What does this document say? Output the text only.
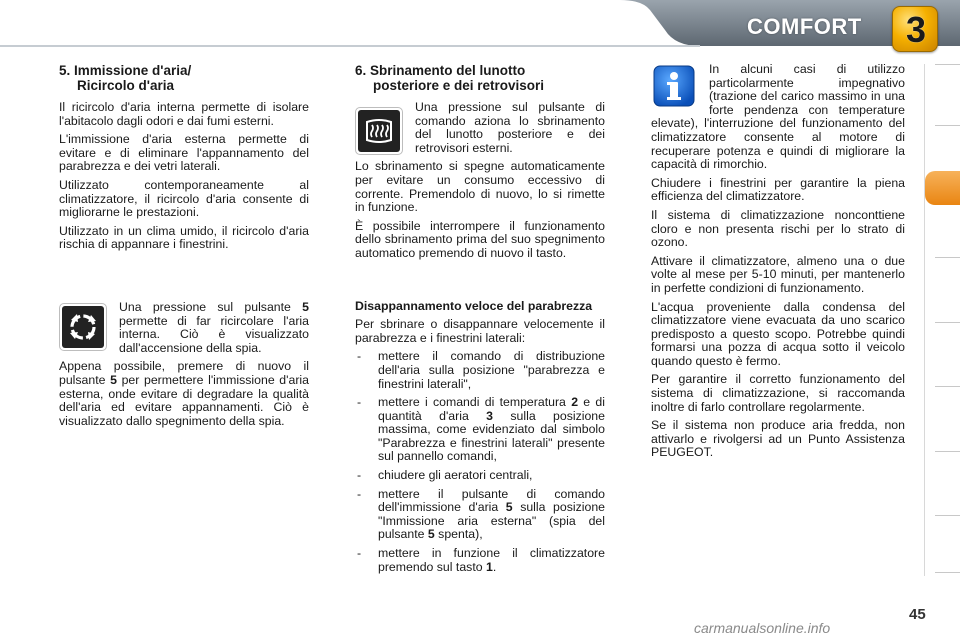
COMFORT	3
5. Immissione d'aria/
Ricircolo d'aria

Il ricircolo d'aria interna permette di isolare l'abitacolo dagli odori e dai fumi esterni.

L'immissione d'aria esterna permette di evitare e di eliminare l'appannamento del parabrezza e dei vetri laterali.

Utilizzato contemporaneamente al climatizzatore, il ricircolo d'aria consente di migliorarne le prestazioni.

Utilizzato in un clima umido, il ricircolo d'aria rischia di appannare i finestrini.

Una pressione sul pulsante 5 permette di far ricircolare l'aria interna. Ciò è visualizzato dall'accensione della spia.

Appena possibile, premere di nuovo il pulsante 5 per permettere l'immissione d'aria esterna, onde evitare di degradare la qualità dell'aria ed evitare appannamenti. Ciò è visualizzato dallo spegnimento della spia.

6. Sbrinamento del lunotto
posteriore e dei retrovisori

Una pressione sul pulsante di comando aziona lo sbrinamento del lunotto posteriore e dei retrovisori esterni.

Lo sbrinamento si spegne automaticamente per evitare un consumo eccessivo di corrente. Premendolo di nuovo, lo si rimette in funzione.

È possibile interrompere il funzionamento dello sbrinamento prima del suo spegnimento automatico premendo di nuovo il tasto.

Disappannamento veloce del parabrezza

Per sbrinare o disappannare velocemente il parabrezza e i finestrini laterali:

- mettere il comando di distribuzione dell'aria sulla posizione "parabrezza e finestrini laterali",
- mettere i comandi di temperatura 2 e di quantità d'aria 3 sulla posizione massima, come evidenziato dal simbolo "Parabrezza e finestrini laterali" presente sul pannello comandi,
- chiudere gli aeratori centrali,
- mettere il pulsante di comando dell'immissione d'aria 5 sulla posizione "Immissione aria esterna" (spia del pulsante 5 spenta),
- mettere in funzione il climatizzatore premendo sul tasto 1.

In alcuni casi di utilizzo particolarmente impegnativo (trazione del carico massimo in una forte pendenza con temperature elevate), l'interruzione del funzionamento del climatizzatore consente al motore di recuperare potenza e quindi di migliorare la capacità di rimorchio.

Chiudere i finestrini per garantire la piena efficienza del climatizzatore.

Il sistema di climatizzazione nonconttiene cloro e non presenta rischi per lo strato di ozono.

Attivare il climatizzatore, almeno una o due volte al mese per 5-10 minuti, per mantenerlo in perfette condizioni di funzionamento.

L'acqua proveniente dalla condensa del climatizzatore viene evacuata da uno scarico predisposto a questo scopo. Potrebbe quindi formarsi una pozza di acqua sotto il veicolo quando questo è fermo.

Per garantire il corretto funzionamento del sistema di climatizzazione, si raccomanda inoltre di farlo controllare regolarmente.

Se il sistema non produce aria fredda, non attivarlo e rivolgersi ad un Punto Assistenza PEUGEOT.

45
carmanualsonline.info
